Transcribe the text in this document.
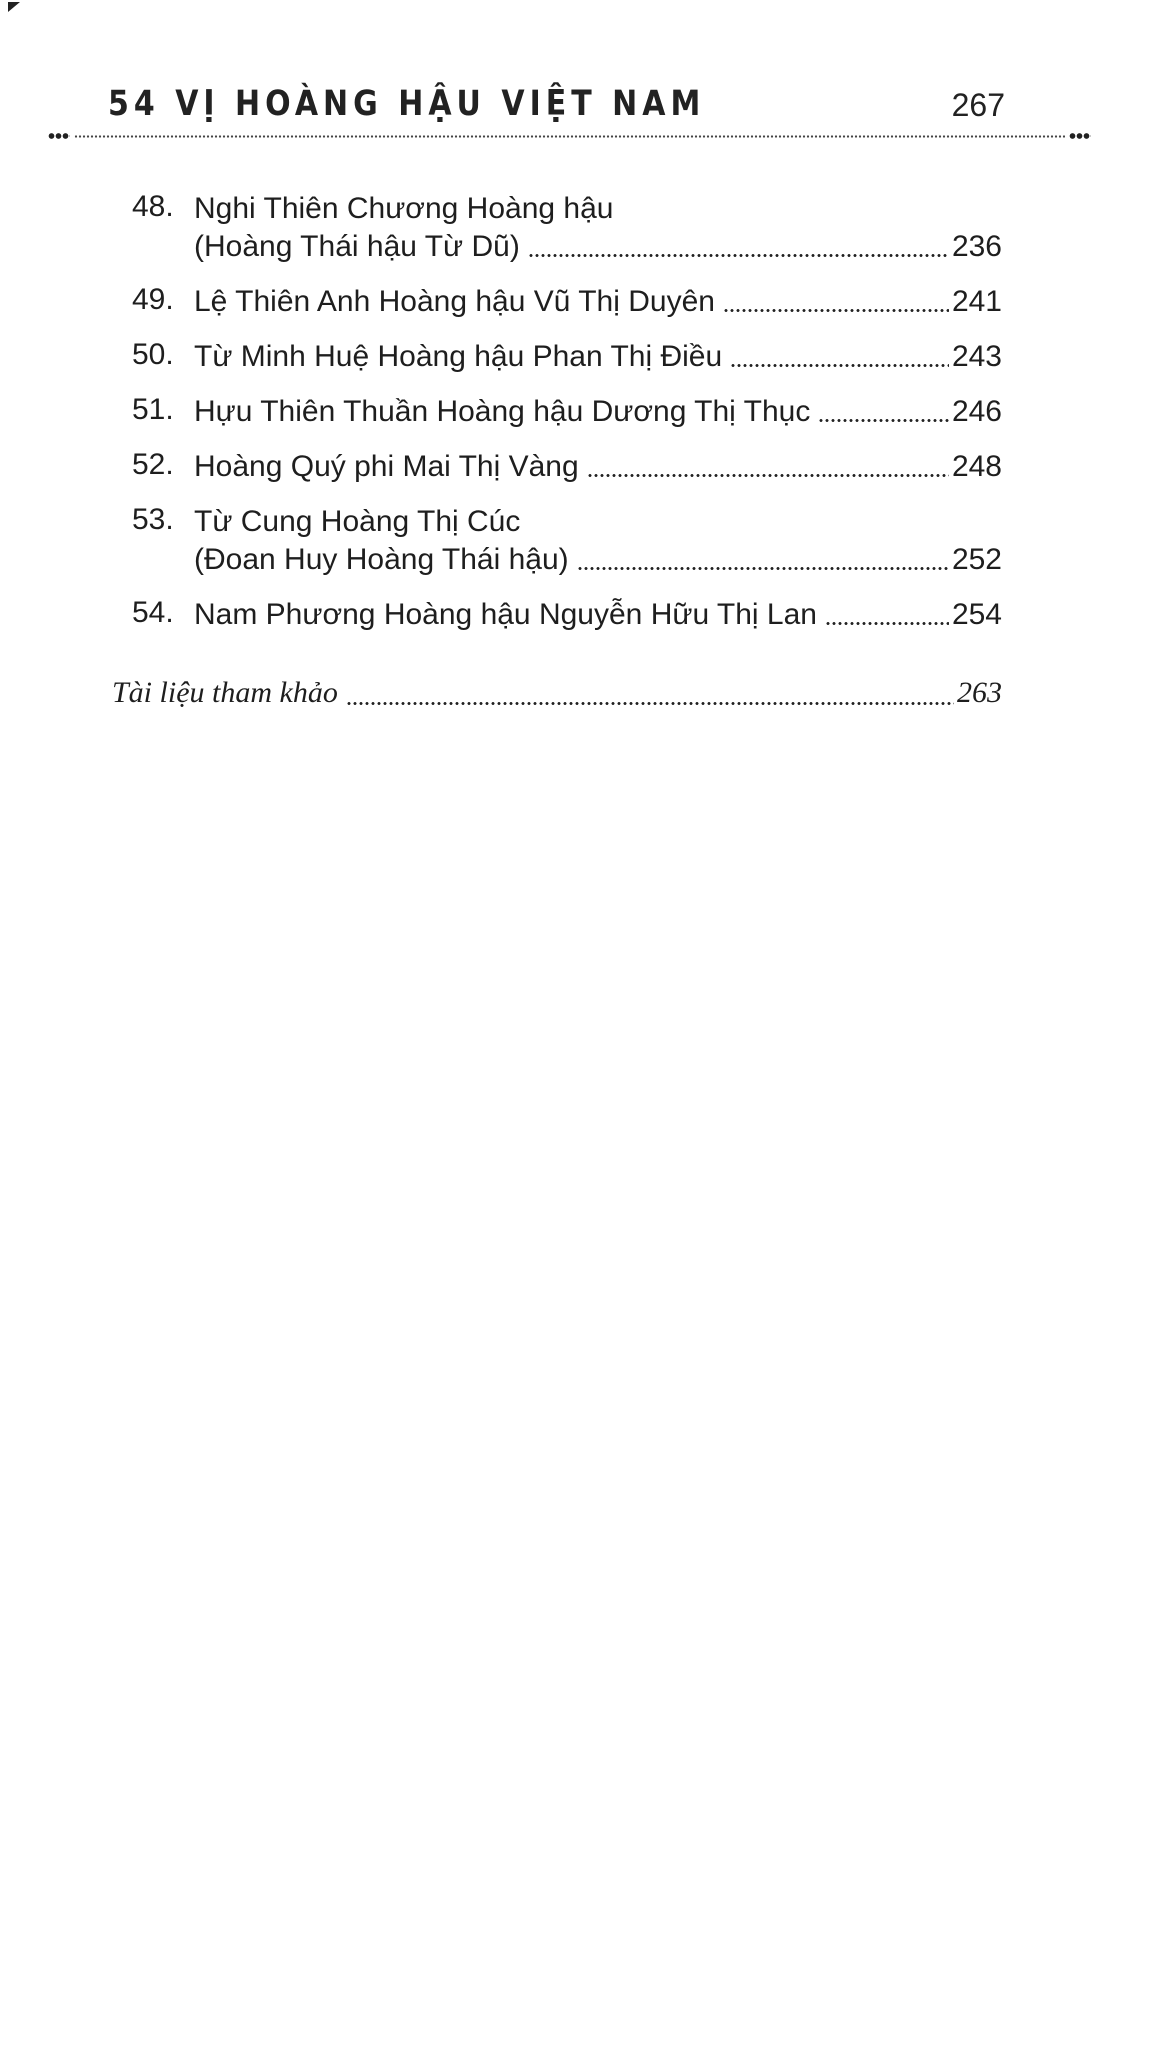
54 VỊ HOÀNG HẬU VIỆT NAM	267
48. Nghi Thiên Chương Hoàng hậu
(Hoàng Thái hậu Từ Dũ)	236
49. Lệ Thiên Anh Hoàng hậu Vũ Thị Duyên	241
50. Từ Minh Huệ Hoàng hậu Phan Thị Điều	243
51. Hựu Thiên Thuần Hoàng hậu Dương Thị Thục	246
52. Hoàng Quý phi Mai Thị Vàng	248
53. Từ Cung Hoàng Thị Cúc
(Đoan Huy Hoàng Thái hậu)	252
54. Nam Phương Hoàng hậu Nguyễn Hữu Thị Lan	254
Tài liệu tham khảo	263
